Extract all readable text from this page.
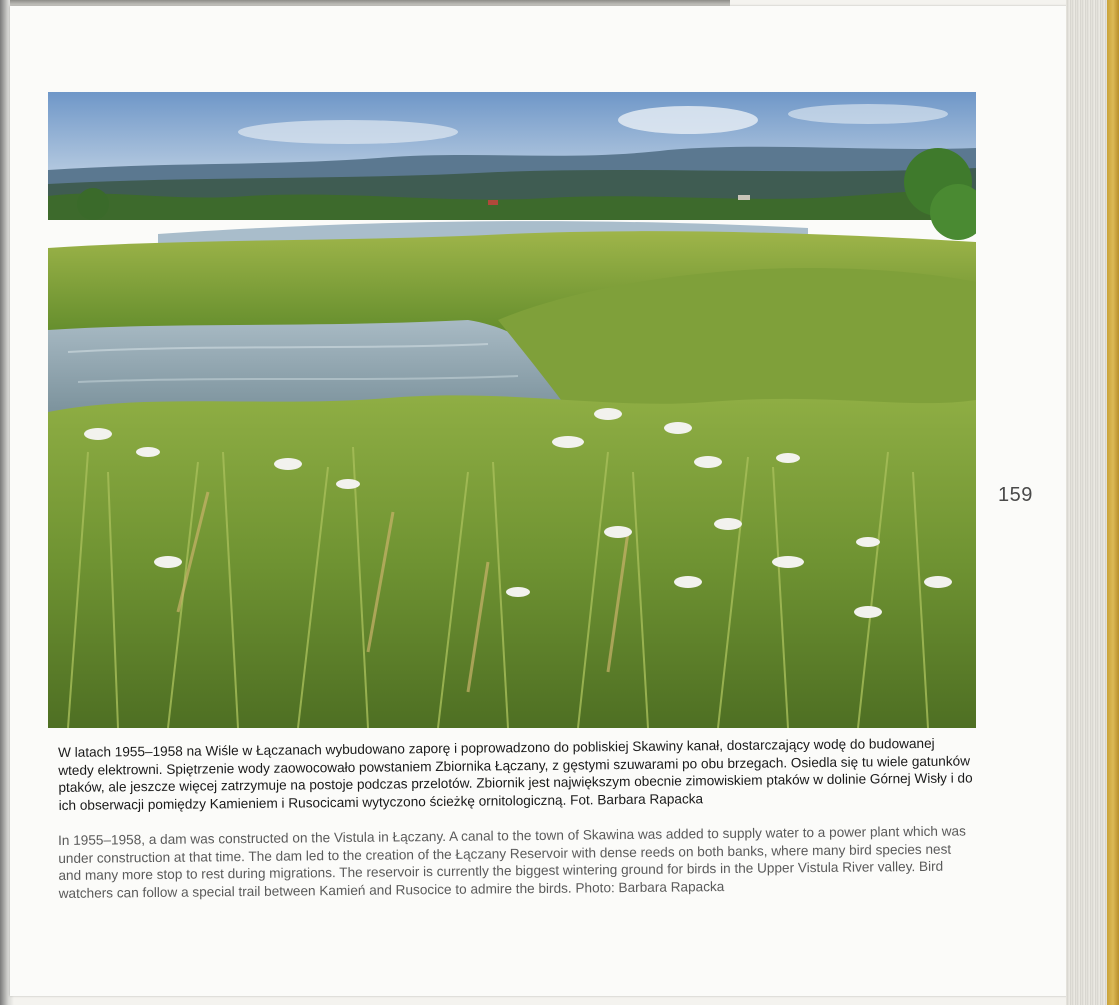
159
W latach 1955–1958 na Wiśle w Łączanach wybudowano zaporę i poprowadzono do pobliskiej Skawiny kanał, dostarczający wodę do budowanej wtedy elektrowni. Spiętrzenie wody zaowocowało powstaniem Zbiornika Łączany, z gęstymi szuwarami po obu brzegach. Osiedla się tu wiele gatunków ptaków, ale jeszcze więcej zatrzymuje na postoje podczas przelotów. Zbiornik jest największym obecnie zimowiskiem ptaków w dolinie Górnej Wisły i do ich obserwacji pomiędzy Kamieniem i Rusocicami wytyczono ścieżkę ornitologiczną. Fot. Barbara Rapacka
In 1955–1958, a dam was constructed on the Vistula in Łączany. A canal to the town of Skawina was added to supply water to a power plant which was under construction at that time. The dam led to the creation of the Łączany Reservoir with dense reeds on both banks, where many bird species nest and many more stop to rest during migrations. The reservoir is currently the biggest wintering ground for birds in the Upper Vistula River valley. Bird watchers can follow a special trail between Kamień and Rusocice to admire the birds. Photo: Barbara Rapacka
